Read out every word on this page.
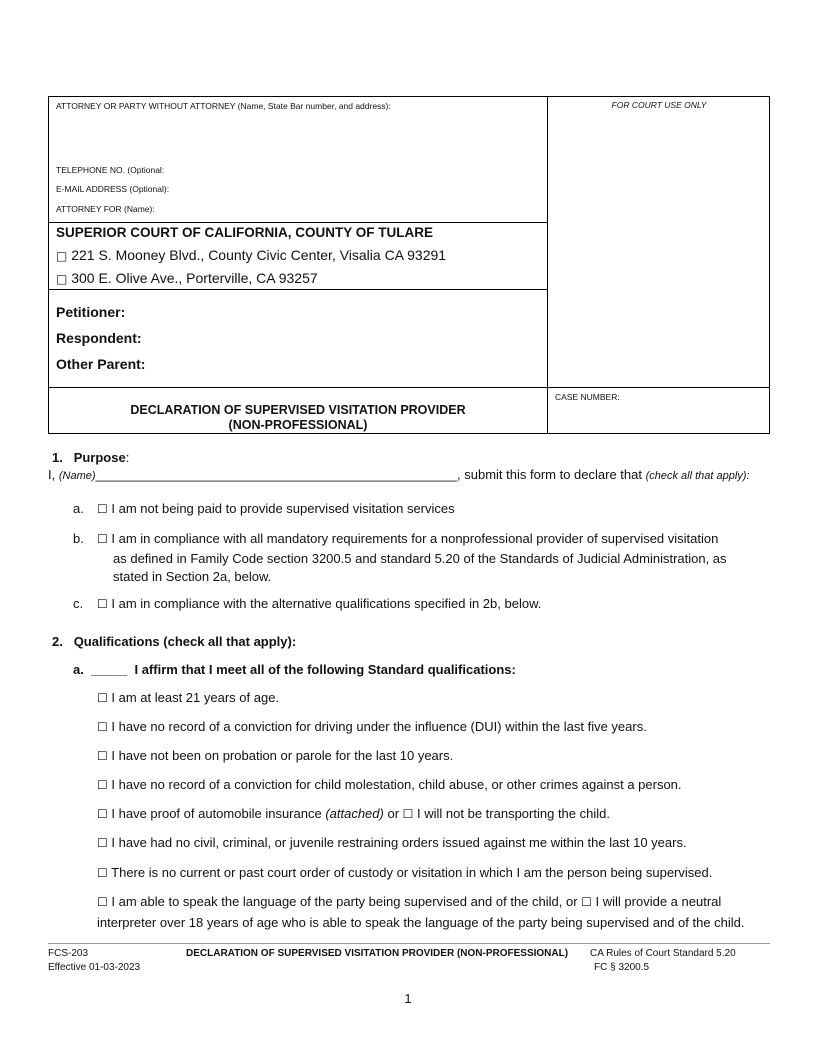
ATTORNEY OR PARTY WITHOUT ATTORNEY (Name, State Bar number, and address):	FOR COURT USE ONLY
TELEPHONE NO. (Optional:
E-MAIL ADDRESS (Optional):
ATTORNEY FOR (Name):
SUPERIOR COURT OF CALIFORNIA, COUNTY OF TULARE
□ 221 S. Mooney Blvd., County Civic Center, Visalia CA 93291
□ 300 E. Olive Ave., Porterville, CA 93257
Petitioner:
Respondent:
Other Parent:
DECLARATION OF SUPERVISED VISITATION PROVIDER
(NON-PROFESSIONAL)
CASE NUMBER:
1. Purpose:
I, (Name)__________________________________________________, submit this form to declare that (check all that apply):
a. ☐ I am not being paid to provide supervised visitation services
b. ☐ I am in compliance with all mandatory requirements for a nonprofessional provider of supervised visitation
as defined in Family Code section 3200.5 and standard 5.20 of the Standards of Judicial Administration, as
stated in Section 2a, below.
c. ☐ I am in compliance with the alternative qualifications specified in 2b, below.
2. Qualifications (check all that apply):
a. _____ I affirm that I meet all of the following Standard qualifications:
☐ I am at least 21 years of age.
☐ I have no record of a conviction for driving under the influence (DUI) within the last five years.
☐ I have not been on probation or parole for the last 10 years.
☐ I have no record of a conviction for child molestation, child abuse, or other crimes against a person.
☐ I have proof of automobile insurance (attached) or ☐ I will not be transporting the child.
☐ I have had no civil, criminal, or juvenile restraining orders issued against me within the last 10 years.
☐ There is no current or past court order of custody or visitation in which I am the person being supervised.
☐ I am able to speak the language of the party being supervised and of the child, or ☐ I will provide a neutral
interpreter over 18 years of age who is able to speak the language of the party being supervised and of the child.
FCS-203
Effective 01-03-2023
DECLARATION OF SUPERVISED VISITATION PROVIDER (NON-PROFESSIONAL) CA Rules of Court Standard 5.20
FC § 3200.5
1
